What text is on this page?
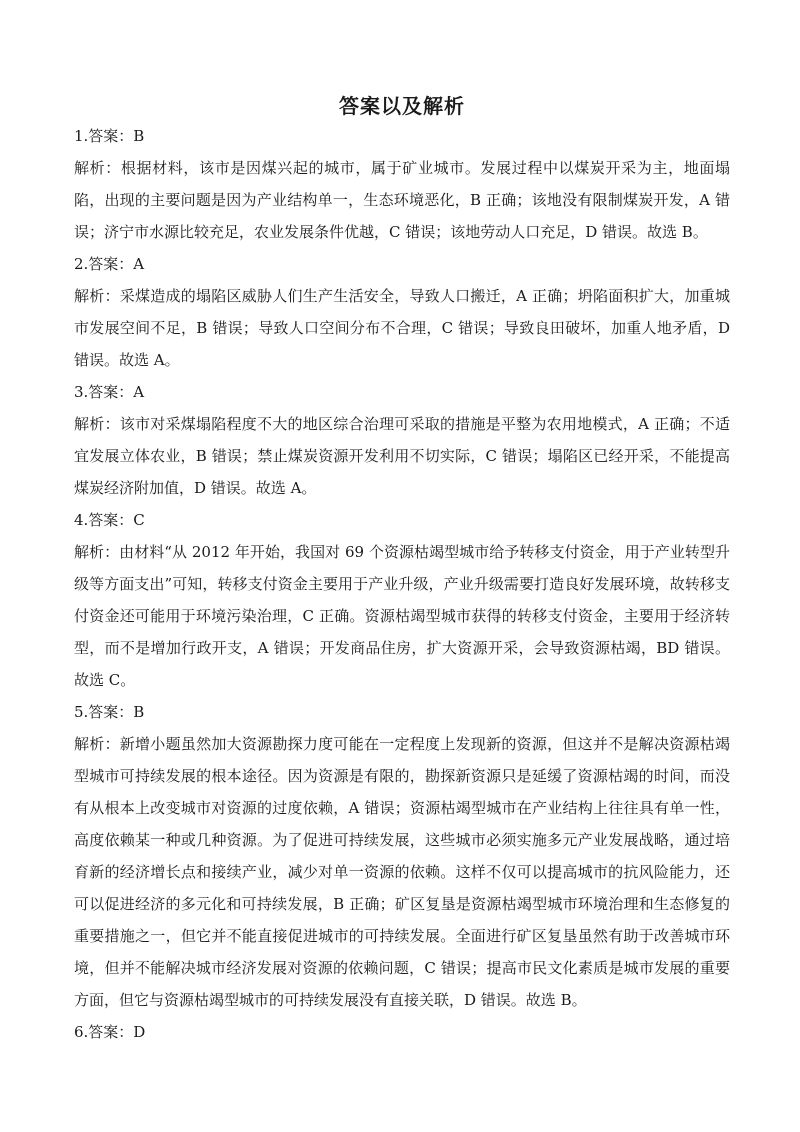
答案以及解析

1.答案：B

解析：根据材料，该市是因煤兴起的城市，属于矿业城市。发展过程中以煤炭开采为主，地面塌陷，出现的主要问题是因为产业结构单一，生态环境恶化，B 正确；该地没有限制煤炭开发，A 错误；济宁市水源比较充足，农业发展条件优越，C 错误；该地劳动人口充足，D 错误。故选 B。

2.答案：A

解析：采煤造成的塌陷区威胁人们生产生活安全，导致人口搬迁，A 正确；坍陷面积扩大，加重城市发展空间不足，B 错误；导致人口空间分布不合理，C 错误；导致良田破坏，加重人地矛盾，D 错误。故选 A。

3.答案：A

解析：该市对采煤塌陷程度不大的地区综合治理可采取的措施是平整为农用地模式，A 正确；不适宜发展立体农业，B 错误；禁止煤炭资源开发利用不切实际，C 错误；塌陷区已经开采，不能提高煤炭经济附加值，D 错误。故选 A。

4.答案：C

解析：由材料“从 2012 年开始，我国对 69 个资源枯竭型城市给予转移支付资金，用于产业转型升级等方面支出”可知，转移支付资金主要用于产业升级，产业升级需要打造良好发展环境，故转移支付资金还可能用于环境污染治理，C 正确。资源枯竭型城市获得的转移支付资金，主要用于经济转型，而不是增加行政开支，A 错误；开发商品住房，扩大资源开采，会导致资源枯竭，BD 错误。故选 C。

5.答案：B

解析：新增小题虽然加大资源勘探力度可能在一定程度上发现新的资源，但这并不是解决资源枯竭型城市可持续发展的根本途径。因为资源是有限的，勘探新资源只是延缓了资源枯竭的时间，而没有从根本上改变城市对资源的过度依赖，A 错误；资源枯竭型城市在产业结构上往往具有单一性，高度依赖某一种或几种资源。为了促进可持续发展，这些城市必须实施多元产业发展战略，通过培育新的经济增长点和接续产业，减少对单一资源的依赖。这样不仅可以提高城市的抗风险能力，还可以促进经济的多元化和可持续发展，B 正确；矿区复垦是资源枯竭型城市环境治理和生态修复的重要措施之一，但它并不能直接促进城市的可持续发展。全面进行矿区复垦虽然有助于改善城市环境，但并不能解决城市经济发展对资源的依赖问题，C 错误；提高市民文化素质是城市发展的重要方面，但它与资源枯竭型城市的可持续发展没有直接关联，D 错误。故选 B。

6.答案：D
